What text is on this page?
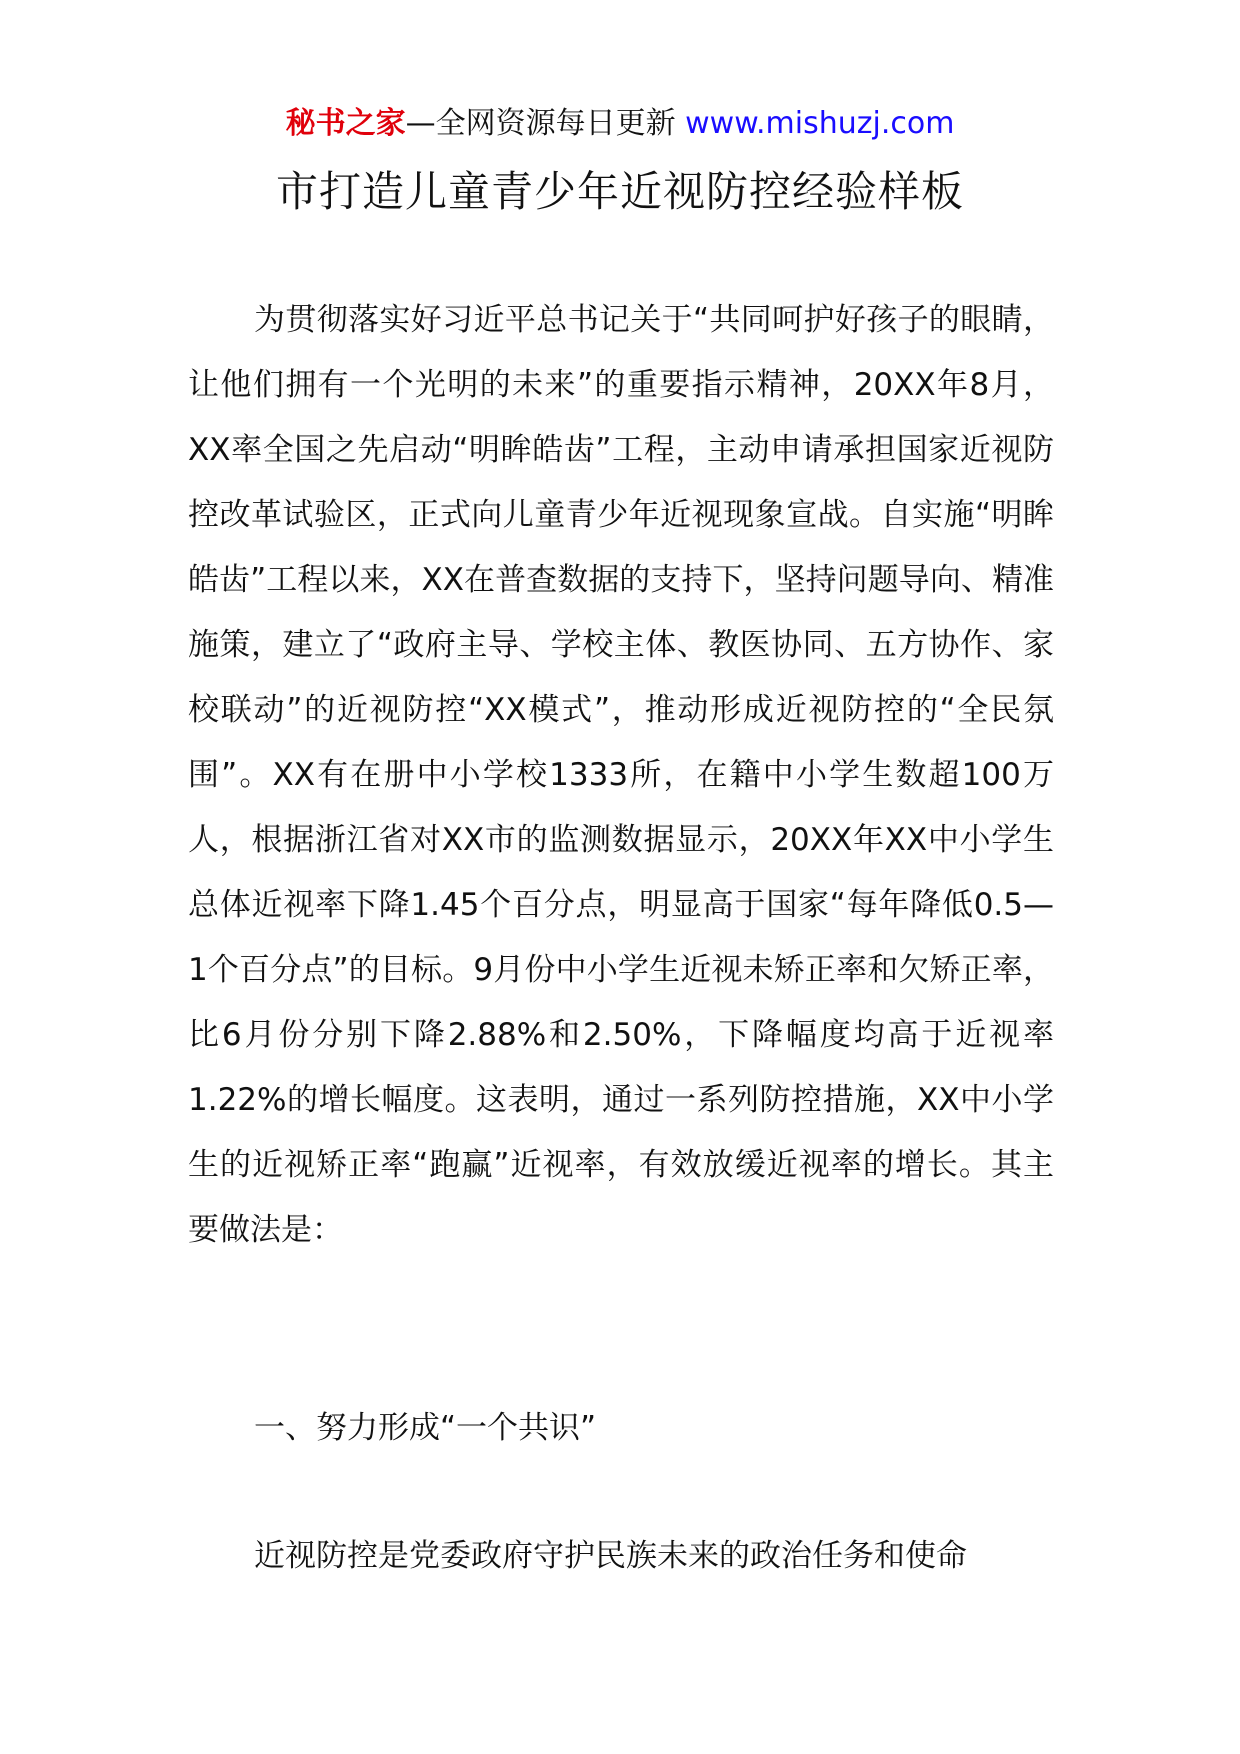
秘书之家—全网资源每日更新 www.mishuzj.com
市打造儿童青少年近视防控经验样板
为贯彻落实好习近平总书记关于“共同呵护好孩子的眼睛，让他们拥有一个光明的未来”的重要指示精神，20XX年8月，XX率全国之先启动“明眸皓齿”工程，主动申请承担国家近视防控改革试验区，正式向儿童青少年近视现象宣战。自实施“明眸皓齿”工程以来，XX在普查数据的支持下，坚持问题导向、精准施策，建立了“政府主导、学校主体、教医协同、五方协作、家校联动”的近视防控“XX模式”，推动形成近视防控的“全民氛围”。XX有在册中小学校1333所，在籍中小学生数超100万人，根据浙江省对XX市的监测数据显示，20XX年XX中小学生总体近视率下降1.45个百分点，明显高于国家“每年降低0.5—1个百分点”的目标。9月份中小学生近视未矫正率和欠矫正率，比6月份分别下降2.88%和2.50%，下降幅度均高于近视率1.22%的增长幅度。这表明，通过一系列防控措施，XX中小学生的近视矫正率“跑赢”近视率，有效放缓近视率的增长。其主要做法是：
一、努力形成“一个共识”
近视防控是党委政府守护民族未来的政治任务和使命
